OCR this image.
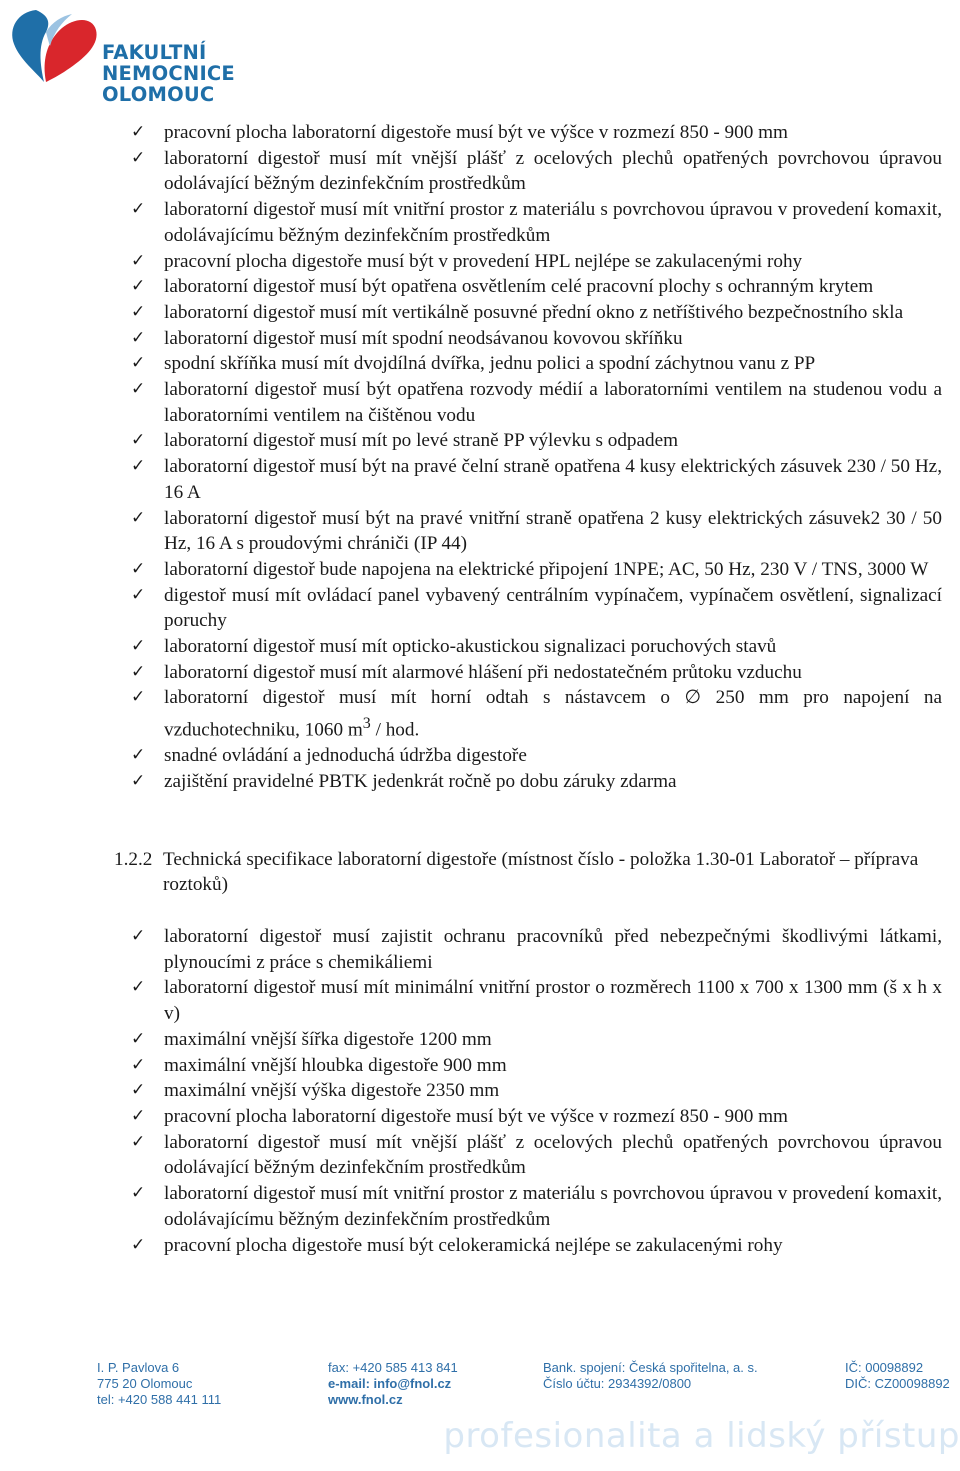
FAKULTNÍ NEMOCNICE
OLOMOUC
✓ pracovní plocha laboratorní digestoře musí být ve výšce v rozmezí 850 - 900 mm
✓ laboratorní digestoř musí mít vnější plášť z ocelových plechů opatřených povrchovou úpravou odolávající běžným dezinfekčním prostředkům
✓ laboratorní digestoř musí mít vnitřní prostor z materiálu s povrchovou úpravou v provedení komaxit, odolávajícímu běžným dezinfekčním prostředkům
✓ pracovní plocha digestoře musí být v provedení HPL nejlépe se zakulacenými rohy
✓ laboratorní digestoř musí být opatřena osvětlením celé pracovní plochy s ochranným krytem
✓ laboratorní digestoř musí mít vertikálně posuvné přední okno z netříštivého bezpečnostního skla
✓ laboratorní digestoř musí mít spodní neodsávanou kovovou skříňku
✓ spodní skříňka musí mít dvojdílná dvířka, jednu polici a spodní záchytnou vanu z PP
✓ laboratorní digestoř musí být opatřena rozvody médií a laboratorními ventilem na studenou vodu a laboratorními ventilem na čištěnou vodu
✓ laboratorní digestoř musí mít po levé straně PP výlevku s odpadem
✓ laboratorní digestoř musí být na pravé čelní straně opatřena 4 kusy elektrických zásuvek 230 / 50 Hz, 16 A
✓ laboratorní digestoř musí být na pravé vnitřní straně opatřena 2 kusy elektrických zásuvek2 30 / 50 Hz, 16 A s proudovými chrániči (IP 44)
✓ laboratorní digestoř bude napojena na elektrické připojení 1NPE; AC, 50 Hz, 230 V / TNS, 3000 W
✓ digestoř musí mít ovládací panel vybavený centrálním vypínačem, vypínačem osvětlení, signalizací poruchy
✓ laboratorní digestoř musí mít opticko-akustickou signalizaci poruchových stavů
✓ laboratorní digestoř musí mít alarmové hlášení při nedostatečném průtoku vzduchu
✓ laboratorní digestoř musí mít horní odtah s nástavcem o ∅ 250 mm pro napojení na vzduchotechniku, 1060 $m^3$ / hod.
✓ snadné ovládání a jednoduchá údržba digestoře
✓ zajištění pravidelné PBTK jedenkrát ročně po dobu záruky zdarma
1.2.2 Technická specifikace laboratorní digestoře (místnost číslo - položka 1.30-01 Laboratoř – příprava roztoků)
✓ laboratorní digestoř musí zajistit ochranu pracovníků před nebezpečnými škodlivými látkami, plynoucími z práce s chemikáliemi
✓ laboratorní digestoř musí mít minimální vnitřní prostor o rozměrech 1100 x 700 x 1300 mm (š x h x v)
✓ maximální vnější šířka digestoře 1200 mm
✓ maximální vnější hloubka digestoře 900 mm
✓ maximální vnější výška digestoře 2350 mm
✓ pracovní plocha laboratorní digestoře musí být ve výšce v rozmezí 850 - 900 mm
✓ laboratorní digestoř musí mít vnější plášť z ocelových plechů opatřených povrchovou úpravou odolávající běžným dezinfekčním prostředkům
✓ laboratorní digestoř musí mít vnitřní prostor z materiálu s povrchovou úpravou v provedení komaxit, odolávajícímu běžným dezinfekčním prostředkům
✓ pracovní plocha digestoře musí být celokeramická nejlépe se zakulacenými rohy
I. P. Pavlova 6
775 20 Olomouc
tel: +420 588 441 111
fax: +420 585 413 841
e-mail: info@fnol.cz
www.fnol.cz
Bank. spojení: Česká spořitelna, a. s.
Číslo účtu: 2934392/0800
IČ: 00098892
DIČ: CZ00098892
profesionalita a lidský přístup
